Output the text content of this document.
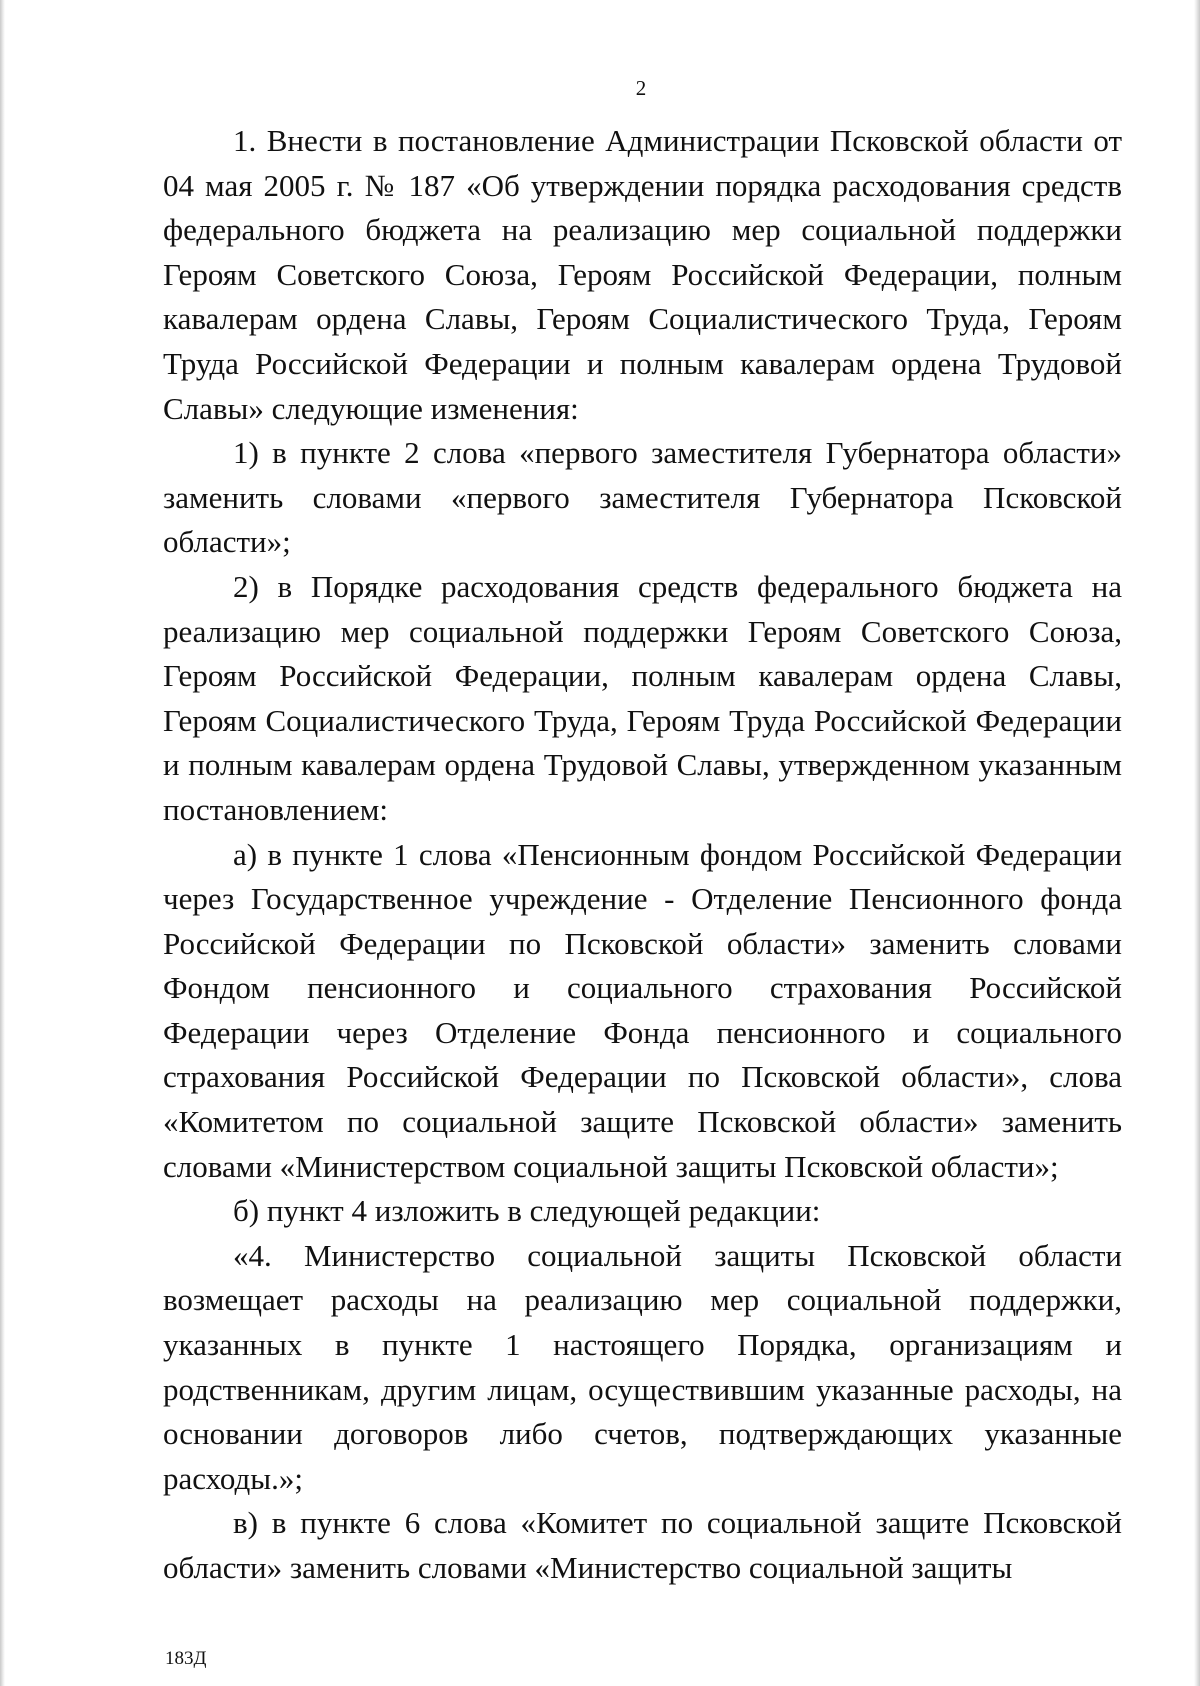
2

1. Внести в постановление Администрации Псковской области от 04 мая 2005 г. № 187 «Об утверждении порядка расходования средств федерального бюджета на реализацию мер социальной поддержки Героям Советского Союза, Героям Российской Федерации, полным кавалерам ордена Славы, Героям Социалистического Труда, Героям Труда Российской Федерации и полным кавалерам ордена Трудовой Славы» следующие изменения:

1) в пункте 2 слова «первого заместителя Губернатора области» заменить словами «первого заместителя Губернатора Псковской области»;

2) в Порядке расходования средств федерального бюджета на реализацию мер социальной поддержки Героям Советского Союза, Героям Российской Федерации, полным кавалерам ордена Славы, Героям Социалистического Труда, Героям Труда Российской Федерации и полным кавалерам ордена Трудовой Славы, утвержденном указанным постановлением:

а) в пункте 1 слова «Пенсионным фондом Российской Федерации через Государственное учреждение - Отделение Пенсионного фонда Российской Федерации по Псковской области» заменить словами Фондом пенсионного и социального страхования Российской Федерации через Отделение Фонда пенсионного и социального страхования Российской Федерации по Псковской области», слова «Комитетом по социальной защите Псковской области» заменить словами «Министерством социальной защиты Псковской области»;

б) пункт 4 изложить в следующей редакции:

«4. Министерство социальной защиты Псковской области возмещает расходы на реализацию мер социальной поддержки, указанных в пункте 1 настоящего Порядка, организациям и родственникам, другим лицам, осуществившим указанные расходы, на основании договоров либо счетов, подтверждающих указанные расходы.»;

в) в пункте 6 слова «Комитет по социальной защите Псковской области» заменить словами «Министерство социальной защиты

183Д
